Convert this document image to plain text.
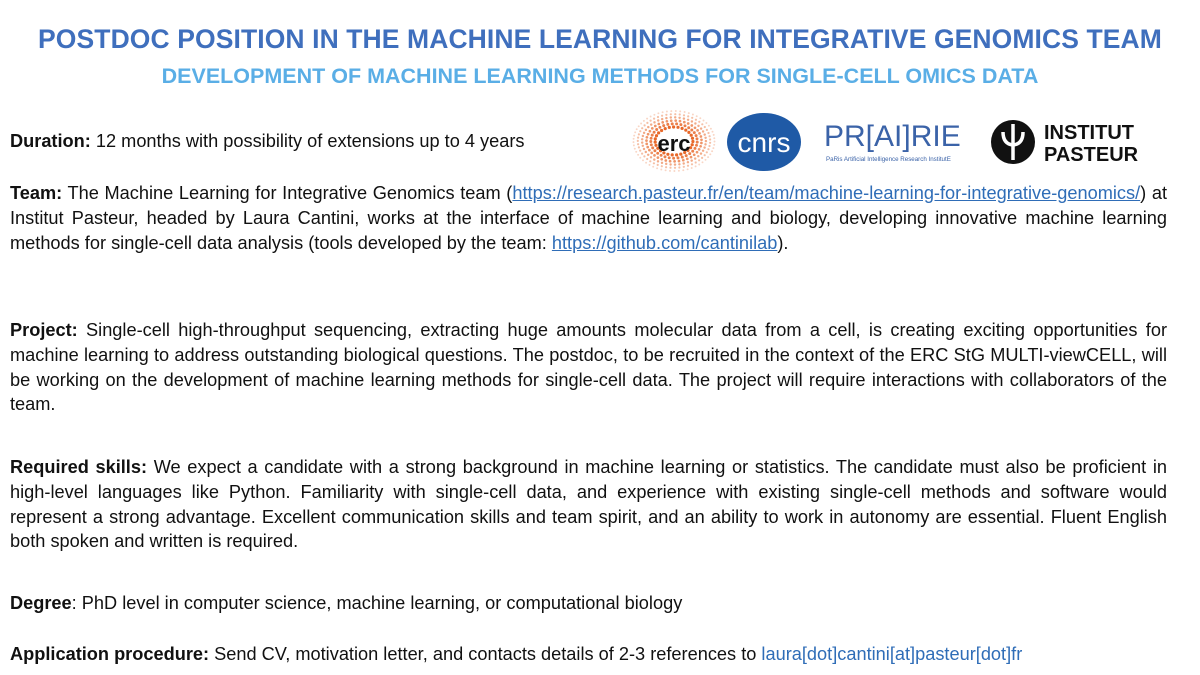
POSTDOC POSITION IN THE MACHINE LEARNING FOR INTEGRATIVE GENOMICS TEAM
DEVELOPMENT OF MACHINE LEARNING METHODS FOR SINGLE-CELL OMICS DATA
Duration: 12 months with possibility of extensions up to 4 years	erc cnrs PR[AI]RIE
PaRis Artificial Intelligence Research InstitutE
INSTITUT
PASTEUR
Team: The Machine Learning for Integrative Genomics team (https://research.pasteur.fr/en/team/machine-learning-for-integrative-genomics/) at Institut Pasteur, headed by Laura Cantini, works at the interface of machine learning and biology, developing innovative machine learning methods for single-cell data analysis (tools developed by the team: https://github.com/cantinilab).
Project: Single-cell high-throughput sequencing, extracting huge amounts molecular data from a cell, is creating exciting opportunities for machine learning to address outstanding biological questions. The postdoc, to be recruited in the context of the ERC StG MULTI-viewCELL, will be working on the development of machine learning methods for single-cell data. The project will require interactions with collaborators of the team.
Required skills: We expect a candidate with a strong background in machine learning or statistics. The candidate must also be proficient in high-level languages like Python. Familiarity with single-cell data, and experience with existing single-cell methods and software would represent a strong advantage. Excellent communication skills and team spirit, and an ability to work in autonomy are essential. Fluent English both spoken and written is required.
Degree: PhD level in computer science, machine learning, or computational biology
Application procedure: Send CV, motivation letter, and contacts details of 2-3 references to laura[dot]cantini[at]pasteur[dot]fr
